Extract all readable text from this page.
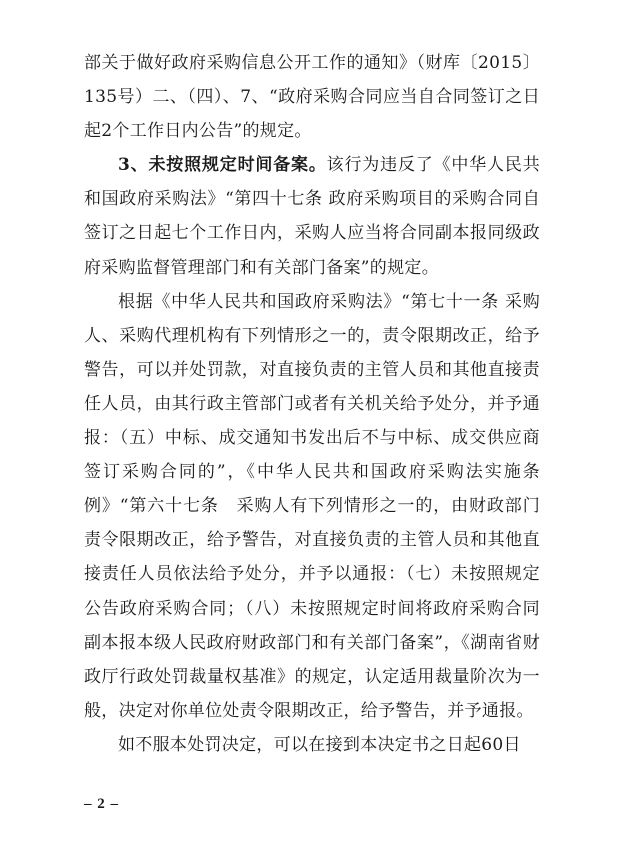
部关于做好政府采购信息公开工作的通知》（财库〔2015〕135号）二、（四）、7、“政府采购合同应当自合同签订之日起2个工作日内公告”的规定。

3、未按照规定时间备案。该行为违反了《中华人民共和国政府采购法》“第四十七条 政府采购项目的采购合同自签订之日起七个工作日内，采购人应当将合同副本报同级政府采购监督管理部门和有关部门备案”的规定。

根据《中华人民共和国政府采购法》“第七十一条 采购人、采购代理机构有下列情形之一的，责令限期改正，给予警告，可以并处罚款，对直接负责的主管人员和其他直接责任人员，由其行政主管部门或者有关机关给予处分，并予通报：（五）中标、成交通知书发出后不与中标、成交供应商签订采购合同的”，《中华人民共和国政府采购法实施条例》“第六十七条　采购人有下列情形之一的，由财政部门责令限期改正，给予警告，对直接负责的主管人员和其他直接责任人员依法给予处分，并予以通报：（七）未按照规定公告政府采购合同；（八）未按照规定时间将政府采购合同副本报本级人民政府财政部门和有关部门备案”，《湖南省财政厅行政处罚裁量权基准》的规定，认定适用裁量阶次为一般，决定对你单位处责令限期改正，给予警告，并予通报。

如不服本处罚决定，可以在接到本决定书之日起60日

– 2 –
